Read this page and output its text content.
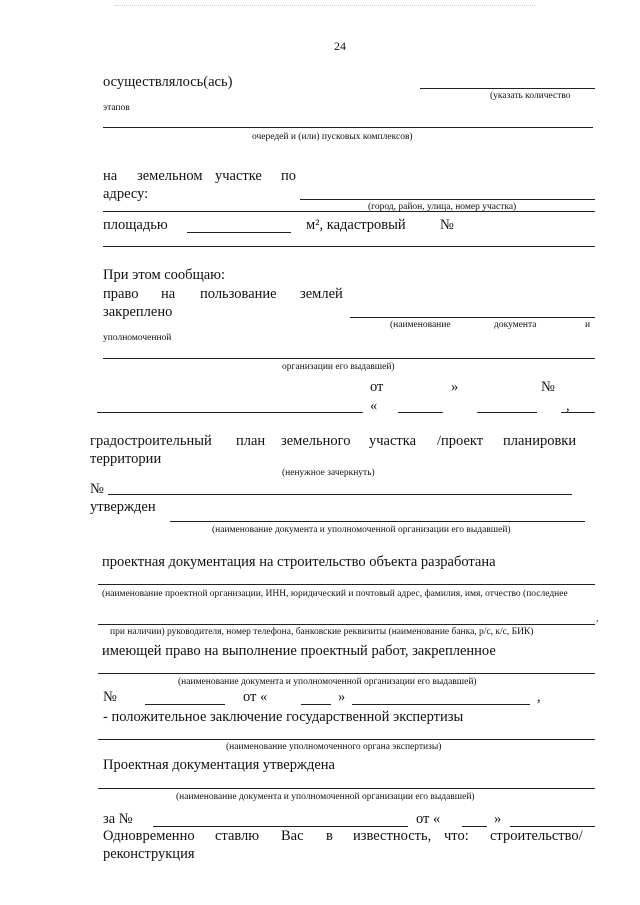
24
осуществлялось(ась)
(указать количество
этапов
очередей и (или) пусковых комплексов)
на земельном участке по
адресу:
(город, район, улица, номер участка)
площадью	м², кадастровый №
При этом сообщаю:
право на пользование землей
закреплено
(наименование	документа	и
уполномоченной
организации его выдавшей)
от	»	№
«	,
градостроительный план земельного участка /проект планировки
территории
(ненужное зачеркнуть)
№
утвержден
(наименование документа и уполномоченной организации его выдавшей)
проектная документация на строительство объекта разработана
(наименование проектной организации, ИНН, юридический и почтовый адрес, фамилия, имя, отчество (последнее
,
при наличии) руководителя, номер телефона, банковские реквизиты (наименование банка, р/с, к/с, БИК)
имеющей право на выполнение проектный работ, закрепленное
(наименование документа и уполномоченной организации его выдавшей)
№	от «	»	,
- положительное заключение государственной экспертизы
(наименование уполномоченного органа экспертизы)
Проектная документация утверждена
(наименование документа и уполномоченной организации его выдавшей)
за №	от «	»
Одновременно ставлю Вас в известность, что: строительство/
реконструкция
